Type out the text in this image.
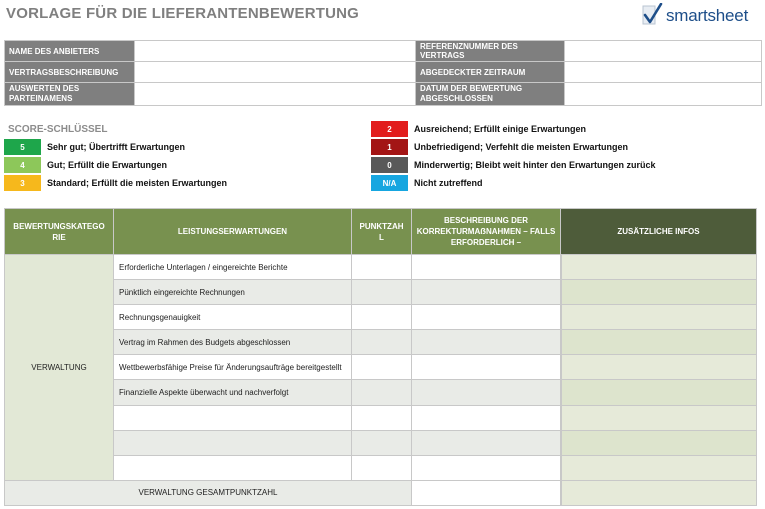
VORLAGE FÜR DIE LIEFERANTENBEWERTUNG	smartsheet
NAME DES ANBIETERS		REFERENZNUMMER DES VERTRAGS	
VERTRAGSBESCHREIBUNG		ABGEDECKTER ZEITRAUM	
AUSWERTEN DES PARTEINAMENS		DATUM DER BEWERTUNG ABGESCHLOSSEN	
SCORE-SCHLÜSSEL
5	Sehr gut; Übertrifft Erwartungen
4	Gut; Erfüllt die Erwartungen
3	Standard; Erfüllt die meisten Erwartungen
2	Ausreichend; Erfüllt einige Erwartungen
1	Unbefriedigend; Verfehlt die meisten Erwartungen
0	Minderwertig; Bleibt weit hinter den Erwartungen zurück
N/A	Nicht zutreffend
BEWERTUNGSKATEGO RIE	LEISTUNGSERWARTUNGEN	PUNKTZAH L	BESCHREIBUNG DER KORREKTURMAẞNAHMEN – FALLS ERFORDERLICH –	ZUSÄTZLICHE INFOS
VERWALTUNG	Erforderliche Unterlagen / eingereichte Berichte			
	Pünktlich eingereichte Rechnungen			
	Rechnungsgenauigkeit			
	Vertrag im Rahmen des Budgets abgeschlossen			
	Wettbewerbsfähige Preise für Änderungsaufträge bereitgestellt			
	Finanzielle Aspekte überwacht und nachverfolgt			

VERWALTUNG GESAMTPUNKTZAHL				
